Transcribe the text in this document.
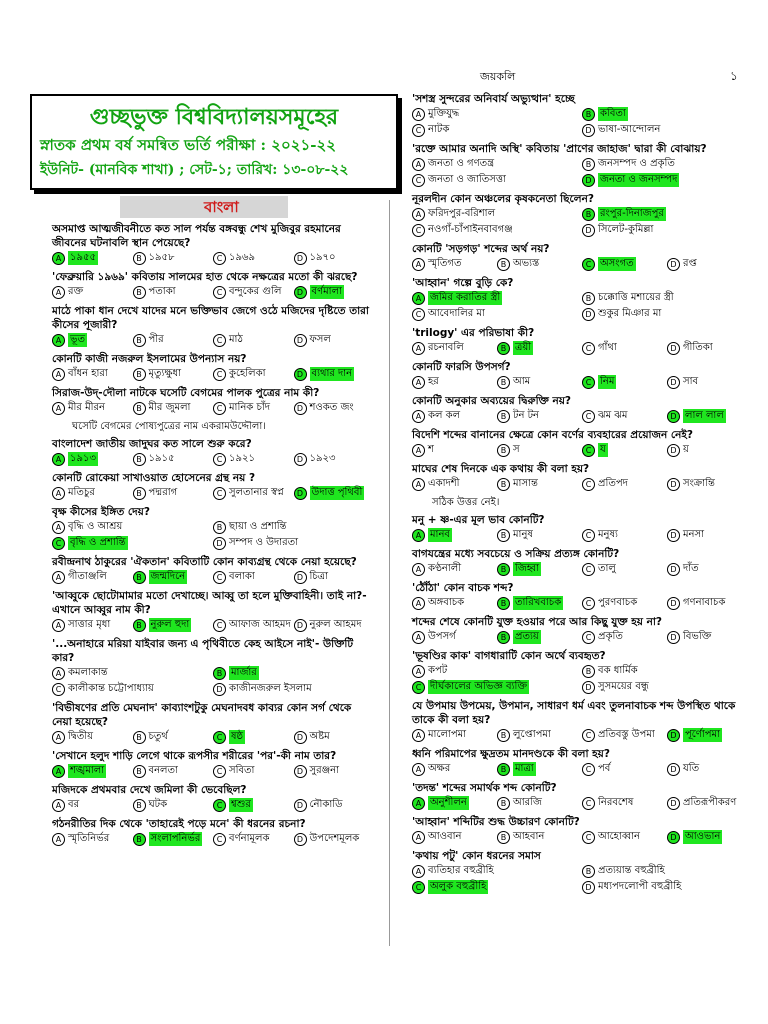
জয়কলি	১
গুচ্ছভুক্ত বিশ্ববিদ্যালয়সমূহের
স্নাতক প্রথম বর্ষ সমন্বিত ভর্তি পরীক্ষা : ২০২১-২২
ইউনিট- (মানবিক শাখা) ; সেট-১; তারিখ: ১৩-০৮-২২
বাংলা
অসমাপ্ত আত্মজীবনীতে কত সাল পর্যন্ত বঙ্গবন্ধু শেখ মুজিবুর রহমানের জীবনের ঘটনাবলি স্থান পেয়েছে?
A ১৯৫৫	B ১৯৫৮	C ১৯৬৯	D ১৯৭০
'ফেব্রুয়ারি ১৯৬৯' কবিতায় সালমের হাত থেকে নক্ষত্রের মতো কী ঝরছে?
A রক্ত	B পতাকা	C বন্দুকের গুলি	D বর্ণমালা
মাঠে পাকা ধান দেখে যাদের মনে ভক্তিভাব জেগে ওঠে মজিদের দৃষ্টিতে তারা কীসের পূজারী?
A ভূত	B পীর	C মাঠ	D ফসল
কোনটি কাজী নজরুল ইসলামের উপন্যাস নয়?
A বাঁধন হারা	B মৃত্যুক্ষুধা	C কুহেলিকা	D ব্যথার দান
সিরাজ-উদ্-দৌলা নাটকে ঘসেটি বেগমের পালক পুত্রের নাম কী?
A মীর মীরন	B মীর জুমলা	C মানিক চাঁদ	D শওকত জং
ঘসেটি বেগমের পোষ্যপুত্রের নাম একরামউদ্দৌলা।
বাংলাদেশ জাতীয় জাদুঘর কত সালে শুরু করে?
A ১৯১৩	B ১৯১৫	C ১৯২১	D ১৯২৩
কোনটি রোকেয়া সাখাওয়াত হোসেনের গ্রন্থ নয় ?
A মতিচুর	B পদ্মরাগ	C সুলতানার স্বপ্ন	D উদাত্ত পৃথিবী
বৃক্ষ কীসের ইঙ্গিত দেয়?
A বৃদ্ধি ও আশ্রয়	B ছায়া ও প্রশান্তি
C বৃদ্ধি ও প্রশান্তি	D সম্পদ ও উদারতা
রবীন্দ্রনাথ ঠাকুরের 'ঐকতান' কবিতাটি কোন কাব্যগ্রন্থ থেকে নেয়া হয়েছে?
A গীতাঞ্জলি	B জন্মদিনে	C বলাকা	D চিত্রা
'আব্বুকে ছোটোমামার মতো দেখাচ্ছে। আব্বু তা হলে মুক্তিবাহিনী। তাই না?-এখানে আব্বুর নাম কী?
A সাত্তার মৃধা	B নুরুল হুদা	C আফাজ আহমদ D নুরুল আহমদ
'...অনাহারে মরিয়া যাইবার জন্য এ পৃথিবীতে কেহ আইসে নাই'- উক্তিটি কার?
A কমলাকান্ত	B মার্জার
C কালীকান্ত চট্টোপাধ্যায়	D কাজীনজরুল ইসলাম
'বিভীষণের প্রতি মেঘনাদ' কাব্যাংশটুকু মেঘনাদবধ কাব্যর কোন সর্গ থেকে নেয়া হয়েছে?
A দ্বিতীয়	B চতুর্থ	C ষষ্ঠ	D অষ্টম
'সেখানে হলুদ শাড়ি লেগে থাকে রূপসীর শরীরের 'পর'-কী নাম তার?
A শঙ্খমালা	B বনলতা	C সবিতা	D সুরঞ্জনা
মজিদকে প্রথমবার দেখে জমিলা কী ভেবেছিল?
A বর	B ঘটক	C শ্বশুর	D নৌকাডি
গঠনরীতির দিক থেকে 'তাহারেই পড়ে মনে' কী ধরনের রচনা?
A স্মৃতিনির্ভর	B সংলাপনির্ভর	C বর্ণনামূলক	D উপদেশমূলক
'সশস্ত্র সুন্দরের অনিবার্য অভ্যুত্থান' হচ্ছে
A মুক্তিযুদ্ধ	B কবিতা
C নাটক	D ভাষা-আন্দোলন
'রক্তে আমার অনাদি অস্থি' কবিতায় 'প্রাণের জাহাজ' দ্বারা কী বোঝায়?
A জনতা ও গণতন্ত্র	B জনসম্পদ ও প্রকৃতি
C জনতা ও জাতিসত্তা	D জনতা ও জনসম্পদ
নূরলদীন কোন অঞ্চলের কৃষকনেতা ছিলেন?
A ফরিদপুর-বরিশাল	B রংপুর-দিনাজপুর
C নওগাঁ-চাঁপাইনবাবগঞ্জ	D সিলেট-কুমিল্লা
কোনটি 'সড়গড়' শব্দের অর্থ নয়?
A স্মৃতিগত	B অভ্যস্ত	C অসংগত	D রপ্ত
'আহ্বান' গল্পে বুড়ি কে?
A জমির করাতির স্ত্রী	B চক্কোত্তি মশায়ের স্ত্রী
C আবেদালির মা	D শুকুর মিঞার মা
'trilogy' এর পরিভাষা কী?
A রচনাবলি	B ত্রয়ী	C গাঁথা	D গীতিকা
কোনটি ফারসি উপসর্গ?
A হর	B আম	C নিম	D সাব
কোনটি অনুকার অব্যয়ের দ্বিরুক্তি নয়?
A কল কল	B টন টন	C ঝম ঝম	D লাল লাল
বিদেশি শব্দের বানানের ক্ষেত্রে কোন বর্ণের ব্যবহারের প্রয়োজন নেই?
A শ	B স	C য	D য়
মাঘের শেষ দিনকে এক কথায় কী বলা হয়?
A একাদশী	B মাসান্ত	C প্রতিপদ	D সংক্রান্তি
সঠিক উত্তর নেই।
মনু + ষ্ণ-এর মূল ভাব কোনটি?
A মানব	B মানুষ	C মনুষ্য	D মনসা
বাগযন্ত্রের মধ্যে সবচেয়ে ও সক্রিয় প্রত্যঙ্গ কোনটি?
A কণ্ঠনালী	B জিহ্বা	C তালু	D দাঁত
'ঠৌঁঠা' কোন বাচক শব্দ?
A অঙ্গবাচক	B তারিখবাচক	C পুরণবাচক	D গণনাবাচক
শব্দের শেষে কোনটি যুক্ত হওয়ার পরে আর কিছু যুক্ত হয় না?
A উপসর্গ	B প্রত্যয়	C প্রকৃতি	D বিভক্তি
'ভূষণ্ডির কাক' বাগধারাটি কোন অর্থে ব্যবহৃত?
A কপট	B বক ধার্মিক
C দীর্ঘকালের অভিজ্ঞ ব্যক্তি	D সুসময়ের বন্ধু
যে উপমায় উপমেয়, উপমান, সাধারণ ধর্ম এবং তুলনাবাচক শব্দ উপস্থিত থাকে তাকে কী বলা হয়?
A মালোপমা	B লুপ্তোপমা	C প্রতিবস্তু উপমা	D পূর্ণোপমা
ধ্বনি পরিমাপের ক্ষুদ্রতম মানদণ্ডকে কী বলা হয়?
A অক্ষর	B মাত্রা	C পর্ব	D যতি
'তদন্ত' শব্দের সমার্থক শব্দ কোনটি?
A অনুশীলন	B আরজি	C নিরবশেষ	D প্রতিরূপীকরণ
'আহ্বান' শব্দিটির শুদ্ধ উচ্চারণ কোনটি?
A আওবান	B আহবান	C আহোব্বান	D আওভান
'কথায় পটু' কোন ধরনের সমাস
A ব্যতিহার বহুব্রীহি	B প্রত্যয়ান্ত বহুব্রীহি
C অলুক বহুব্রীহি	D মধ্যপদলোপী বহুব্রীহি
